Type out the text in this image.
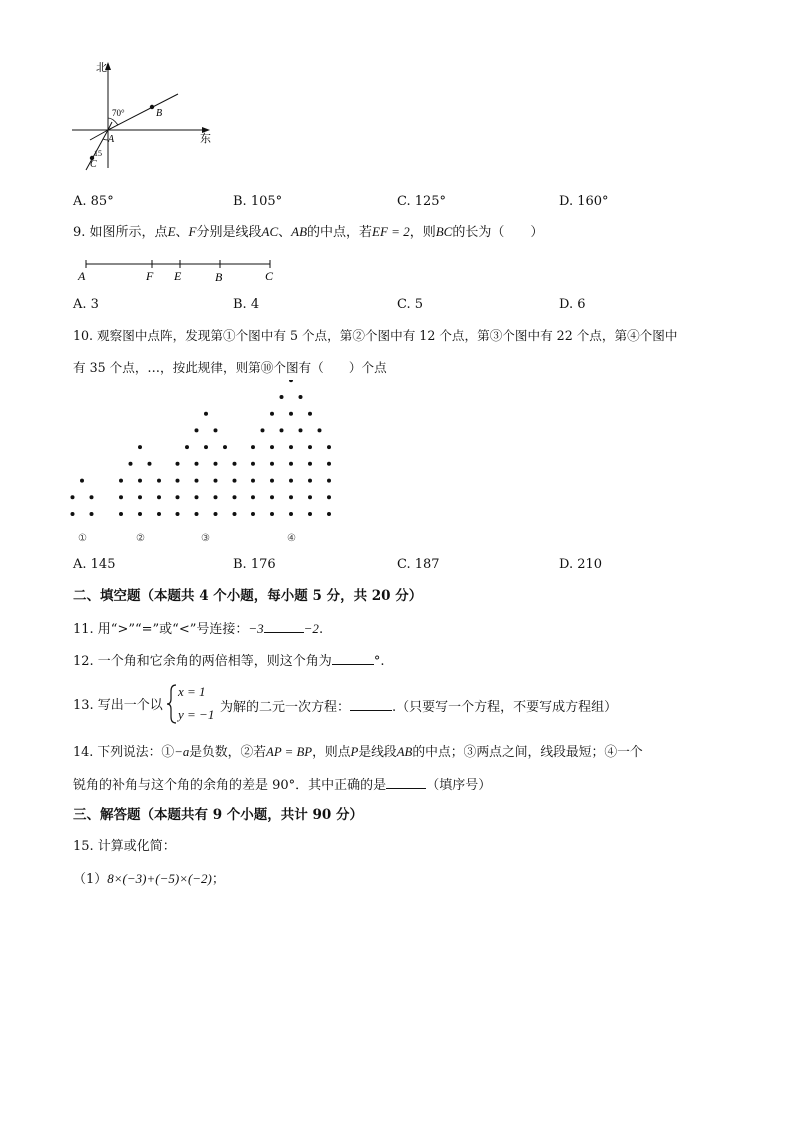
北
东
70°
15
A
B
C
A. 85°	B. 105°	C. 125°	D. 160°
9. 如图所示，点E、F分别是线段AC、AB的中点，若EF = 2，则BC的长为（　　）
A	F E	B	C
A. 3	B. 4	C. 5	D. 6
10. 观察图中点阵，发现第①个图中有 5 个点，第②个图中有 12 个点，第③个图中有 22 个点，第④个图中
有 35 个点，…，按此规律，则第⑩个图有（　　）个点
①	②	③	④
A. 145	B. 176	C. 187	D. 210
二、填空题（本题共 4 个小题，每小题 5 分，共 20 分）
11. 用“>”“=”或“<”号连接：−3	−2.
12. 一个角和它余角的两倍相等，则这个角为	°.
13. 写出一个以
x = 1
y = −1 为解的二元一次方程：	.（只要写一个方程，不要写成方程组）
14. 下列说法：①−a是负数，②若AP = BP，则点P是线段AB的中点；③两点之间，线段最短；④一个
锐角的补角与这个角的余角的差是 90°．其中正确的是	（填序号）
三、解答题（本题共有 9 个小题，共计 90 分）
15. 计算或化简：
（1）8×(−3)+(−5)×(−2)；
